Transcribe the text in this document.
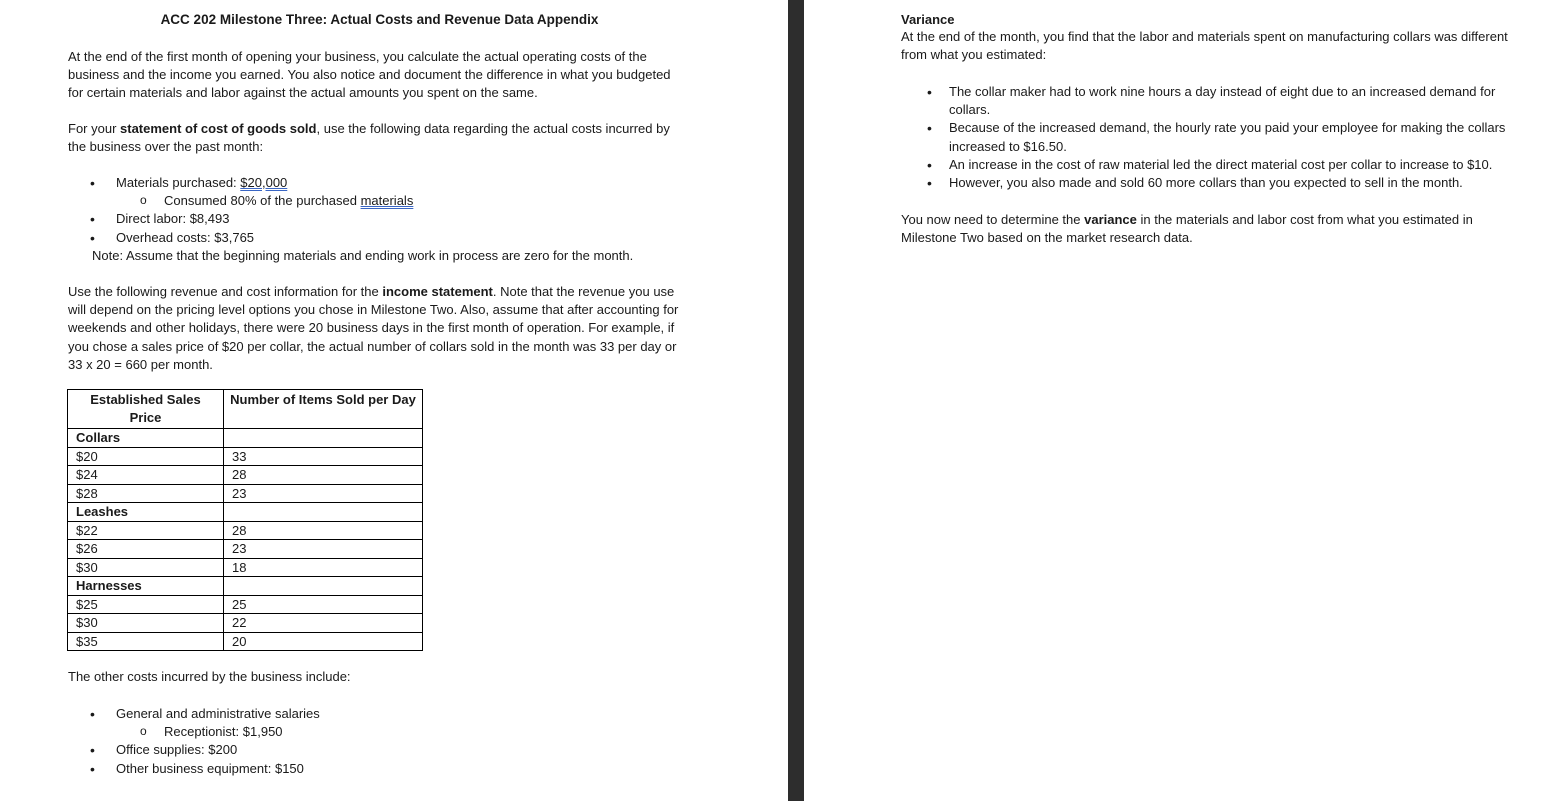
ACC 202 Milestone Three: Actual Costs and Revenue Data Appendix

At the end of the first month of opening your business, you calculate the actual operating costs of the business and the income you earned. You also notice and document the difference in what you budgeted for certain materials and labor against the actual amounts you spent on the same.

For your statement of cost of goods sold, use the following data regarding the actual costs incurred by the business over the past month:

• Materials purchased: $20,000
o Consumed 80% of the purchased materials
• Direct labor: $8,493
• Overhead costs: $3,765

Note: Assume that the beginning materials and ending work in process are zero for the month.

Use the following revenue and cost information for the income statement. Note that the revenue you use will depend on the pricing level options you chose in Milestone Two. Also, assume that after accounting for weekends and other holidays, there were 20 business days in the first month of operation. For example, if you chose a sales price of $20 per collar, the actual number of collars sold in the month was 33 per day or 33 x 20 = 660 per month.

Established Sales Price	Number of Items Sold per Day
Collars	
$20	33
$24	28
$28	23
Leashes	
$22	28
$26	23
$30	18
Harnesses	
$25	25
$30	22
$35	20

The other costs incurred by the business include:

• General and administrative salaries
o Receptionist: $1,950
• Office supplies: $200
• Other business equipment: $150

Variance

At the end of the month, you find that the labor and materials spent on manufacturing collars was different from what you estimated:

• The collar maker had to work nine hours a day instead of eight due to an increased demand for collars.
• Because of the increased demand, the hourly rate you paid your employee for making the collars increased to $16.50.
• An increase in the cost of raw material led the direct material cost per collar to increase to $10.
• However, you also made and sold 60 more collars than you expected to sell in the month.

You now need to determine the variance in the materials and labor cost from what you estimated in Milestone Two based on the market research data.
